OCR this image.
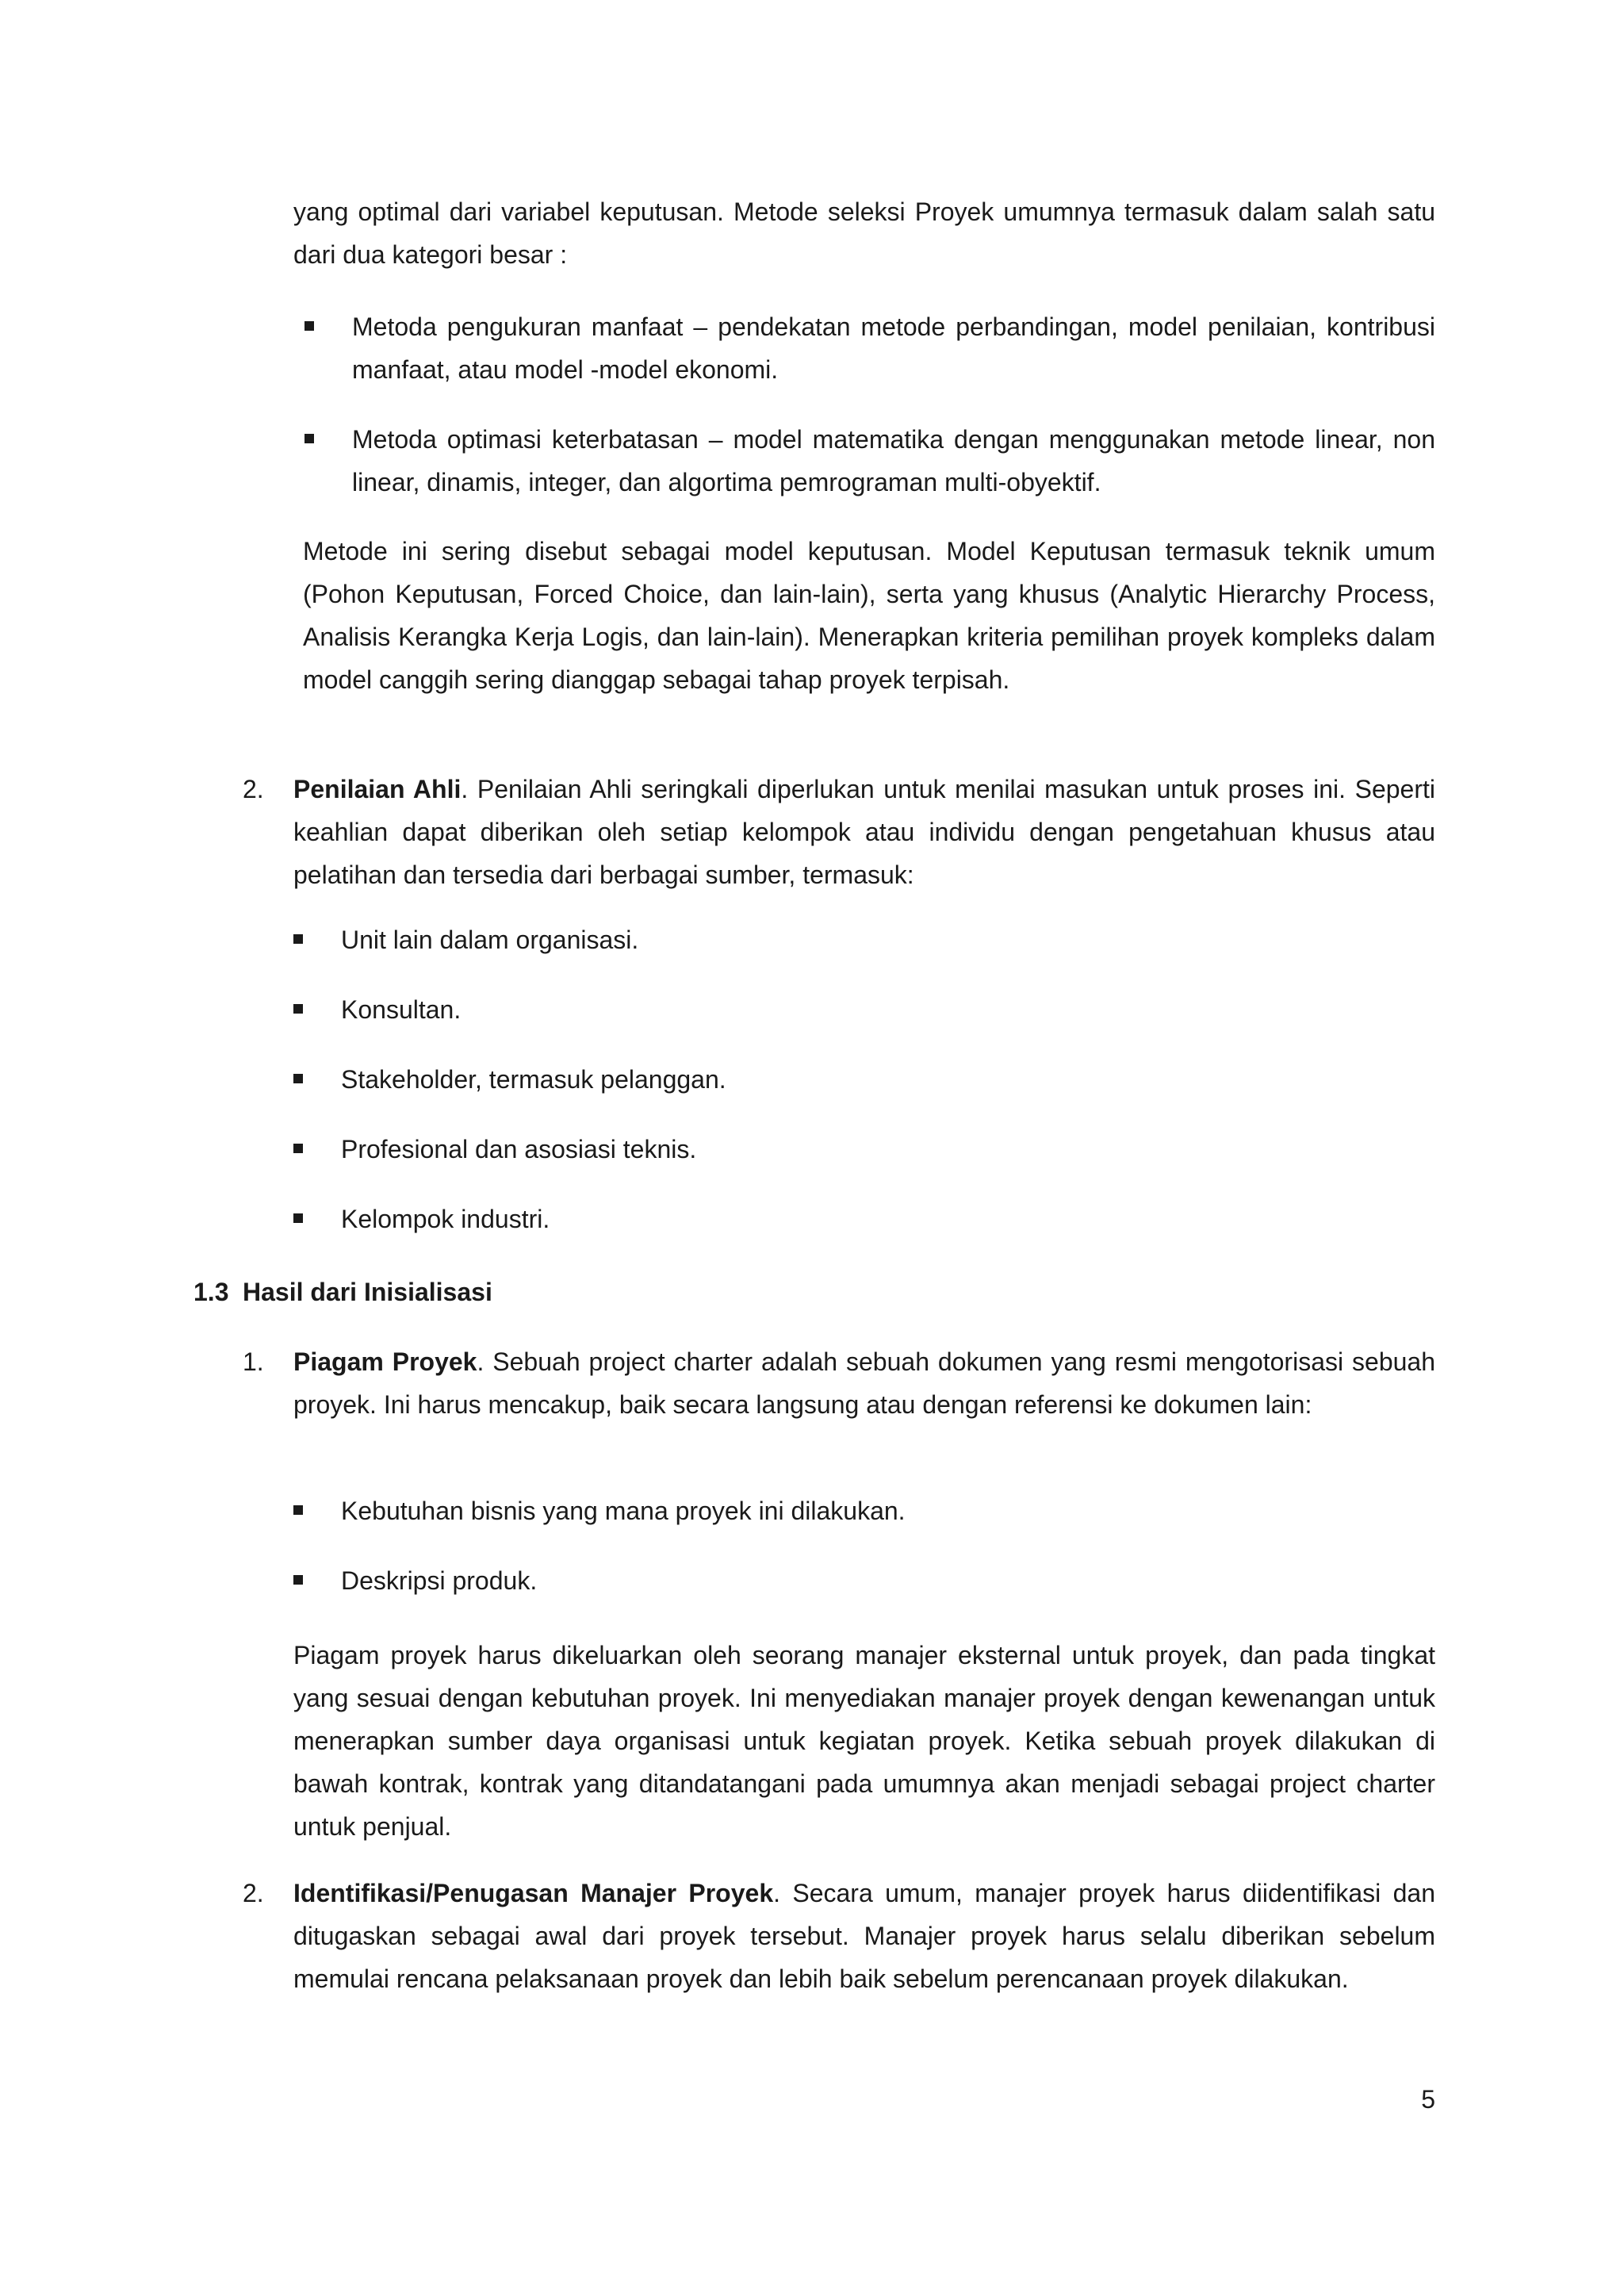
yang optimal dari variabel keputusan. Metode seleksi Proyek umumnya termasuk dalam salah satu dari dua kategori besar :

Metoda pengukuran manfaat – pendekatan metode perbandingan, model penilaian, kontribusi manfaat, atau model -model ekonomi.
Metoda optimasi keterbatasan – model matematika dengan menggunakan metode linear, non linear, dinamis, integer, dan algortima pemrograman multi-obyektif.

Metode ini sering disebut sebagai model keputusan. Model Keputusan termasuk teknik umum (Pohon Keputusan, Forced Choice, dan lain-lain), serta yang khusus (Analytic Hierarchy Process, Analisis Kerangka Kerja Logis, dan lain-lain). Menerapkan kriteria pemilihan proyek kompleks dalam model canggih sering dianggap sebagai tahap proyek terpisah.

2.	Penilaian Ahli. Penilaian Ahli seringkali diperlukan untuk menilai masukan untuk proses ini. Seperti keahlian dapat diberikan oleh setiap kelompok atau individu dengan pengetahuan khusus atau pelatihan dan tersedia dari berbagai sumber, termasuk:
Unit lain dalam organisasi.
Konsultan.
Stakeholder, termasuk pelanggan.
Profesional dan asosiasi teknis.
Kelompok industri.
1.3 Hasil dari Inisialisasi
1.	Piagam Proyek. Sebuah project charter adalah sebuah dokumen yang resmi mengotorisasi sebuah proyek. Ini harus mencakup, baik secara langsung atau dengan referensi ke dokumen lain:
Kebutuhan bisnis yang mana proyek ini dilakukan.
Deskripsi produk.

Piagam proyek harus dikeluarkan oleh seorang manajer eksternal untuk proyek, dan pada tingkat yang sesuai dengan kebutuhan proyek. Ini menyediakan manajer proyek dengan kewenangan untuk menerapkan sumber daya organisasi untuk kegiatan proyek. Ketika sebuah proyek dilakukan di bawah kontrak, kontrak yang ditandatangani pada umumnya akan menjadi sebagai project charter untuk penjual.

2.	Identifikasi/Penugasan Manajer Proyek. Secara umum, manajer proyek harus diidentifikasi dan ditugaskan sebagai awal dari proyek tersebut. Manajer proyek harus selalu diberikan sebelum memulai rencana pelaksanaan proyek dan lebih baik sebelum perencanaan proyek dilakukan.
5
